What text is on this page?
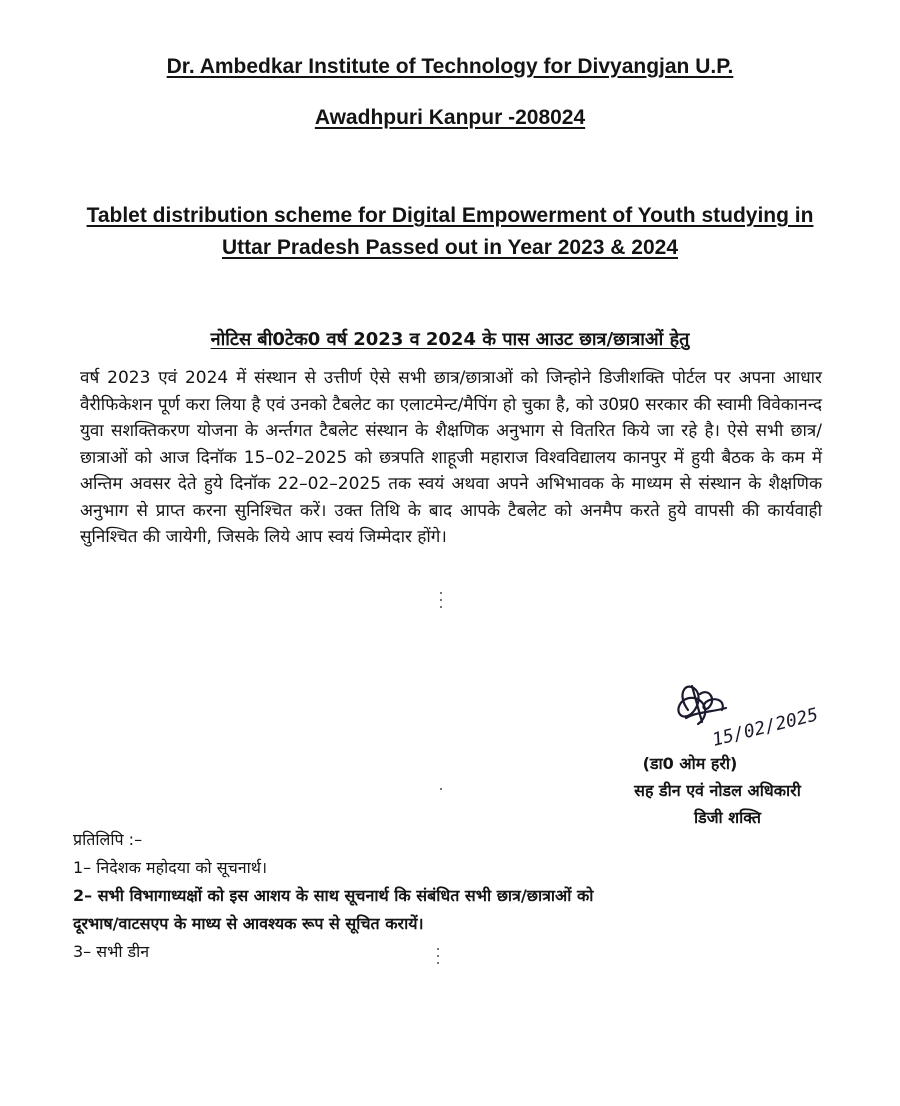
Dr. Ambedkar Institute of Technology for Divyangjan U.P.
Awadhpuri Kanpur -208024
Tablet distribution scheme for Digital Empowerment of Youth studying in
Uttar Pradesh Passed out in Year 2023 & 2024
नोटिस बी0टेक0 वर्ष 2023 व 2024 के पास आउट छात्र/छात्राओं हेतु
वर्ष 2023 एवं 2024 में संस्थान से उत्तीर्ण ऐसे सभी छात्र/छात्राओं को जिन्होने डिजीशक्ति पोर्टल पर अपना आधार वैरीफिकेशन पूर्ण करा लिया है एवं उनको टैबलेट का एलाटमेन्ट/मैपिंग हो चुका है, को उ0प्र0 सरकार की स्वामी विवेकानन्द युवा सशक्तिकरण योजना के अर्न्तगत टैबलेट संस्थान के शैक्षणिक अनुभाग से वितरित किये जा रहे है। ऐसे सभी छात्र/छात्राओं को आज दिनॉक 15–02–2025 को छत्रपति शाहूजी महाराज विश्वविद्यालय कानपुर में हुयी बैठक के कम में अन्तिम अवसर देते हुये दिनॉक 22–02–2025 तक स्वयं अथवा अपने अभिभावक के माध्यम से संस्थान के शैक्षणिक अनुभाग से प्राप्त करना सुनिश्चित करें। उक्त तिथि के बाद आपके टैबलेट को अनमैप करते हुये वापसी की कार्यवाही सुनिश्चित की जायेगी, जिसके लिये आप स्वयं जिम्मेदार होंगे।
15/02/2025
(डा0 ओम हरी)
सह डीन एवं नोडल अधिकारी
डिजी शक्ति
प्रतिलिपि :–
1– निदेशक महोदया को सूचनार्थ।
2– सभी विभागाध्यक्षों को इस आशय के साथ सूचनार्थ कि संबंधित सभी छात्र/छात्राओं को
दूरभाष/वाटसएप के माध्य से आवश्यक रूप से सूचित करायें।
3– सभी डीन
